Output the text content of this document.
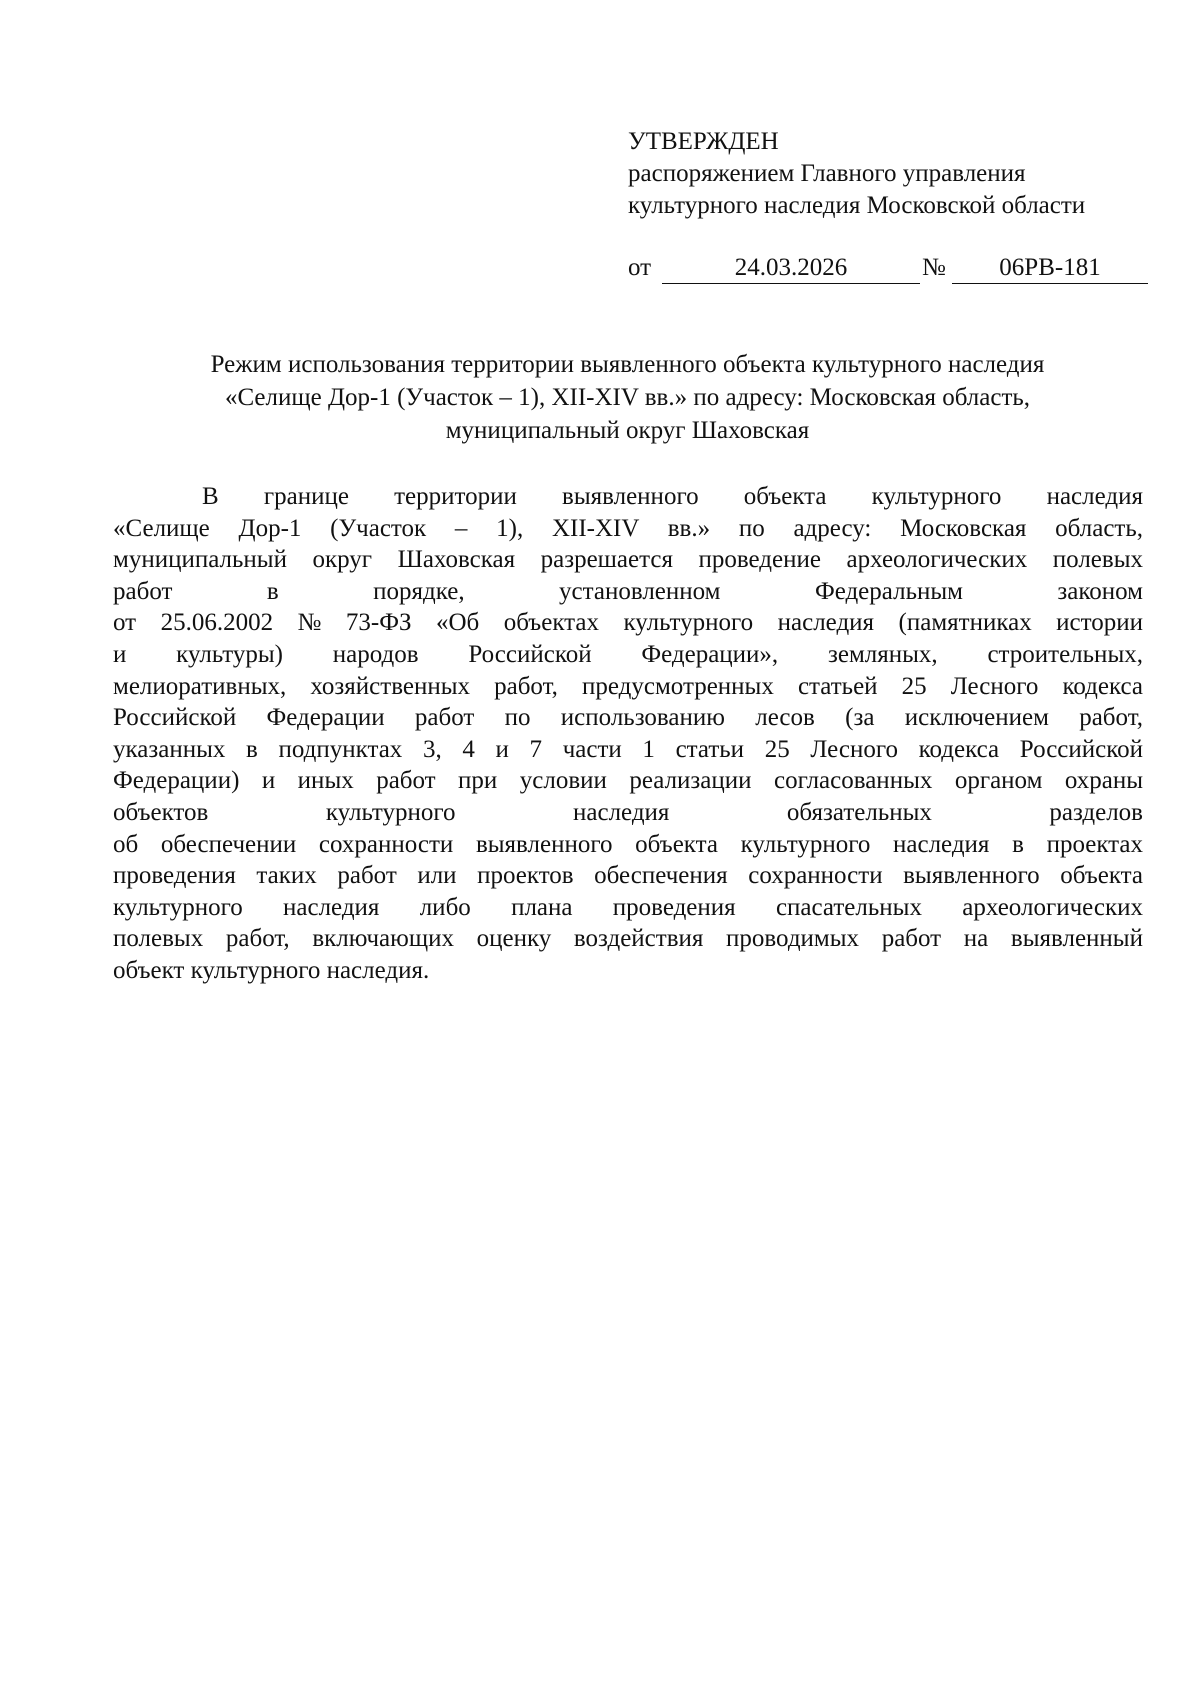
УТВЕРЖДЕН
распоряжением Главного управления
культурного наследия Московской области
от	24.03.2026	№	06РВ-181
Режим использования территории выявленного объекта культурного наследия
«Селище Дор-1 (Участок – 1), XII-XIV вв.» по адресу: Московская область,
муниципальный округ Шаховская
В границе территории выявленного объекта культурного наследия
«Селище Дор-1 (Участок – 1), XII-XIV вв.» по адресу: Московская область,
муниципальный округ Шаховская разрешается проведение археологических полевых
работ в порядке, установленном Федеральным законом
от 25.06.2002 № 73-ФЗ «Об объектах культурного наследия (памятниках истории
и культуры) народов Российской Федерации», земляных, строительных,
мелиоративных, хозяйственных работ, предусмотренных статьей 25 Лесного кодекса
Российской Федерации работ по использованию лесов (за исключением работ,
указанных в подпунктах 3, 4 и 7 части 1 статьи 25 Лесного кодекса Российской
Федерации) и иных работ при условии реализации согласованных органом охраны
объектов культурного наследия обязательных разделов
об обеспечении сохранности выявленного объекта культурного наследия в проектах
проведения таких работ или проектов обеспечения сохранности выявленного объекта
культурного наследия либо плана проведения спасательных археологических
полевых работ, включающих оценку воздействия проводимых работ на выявленный
объект культурного наследия.
